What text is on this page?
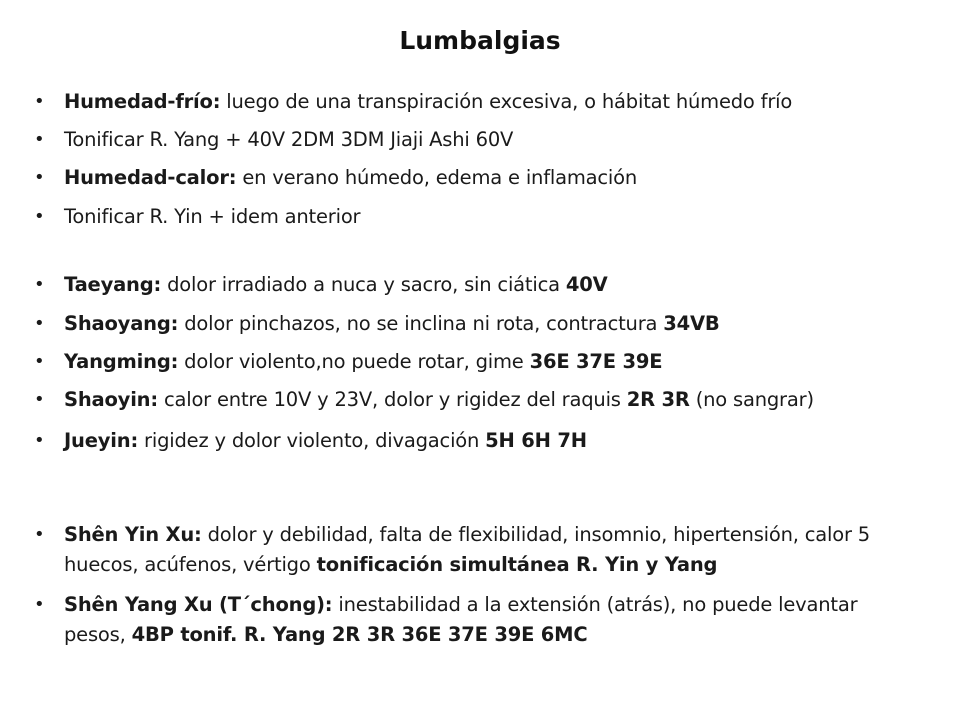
Lumbalgias
• Humedad-frío: luego de una transpiración excesiva, o hábitat húmedo frío
• Tonificar R. Yang + 40V 2DM 3DM Jiaji Ashi 60V
• Humedad-calor: en verano húmedo, edema e inflamación
• Tonificar R. Yin + idem anterior
• Taeyang: dolor irradiado a nuca y sacro, sin ciática 40V
• Shaoyang: dolor pinchazos, no se inclina ni rota, contractura 34VB
• Yangming: dolor violento,no puede rotar, gime 36E 37E 39E
• Shaoyin: calor entre 10V y 23V, dolor y rigidez del raquis 2R 3R (no sangrar)
• Jueyin: rigidez y dolor violento, divagación 5H 6H 7H
• Shên Yin Xu: dolor y debilidad, falta de flexibilidad, insomnio, hipertensión, calor 5 huecos, acúfenos, vértigo tonificación simultánea R. Yin y Yang
• Shên Yang Xu (T´chong): inestabilidad a la extensión (atrás), no puede levantar pesos, 4BP tonif. R. Yang 2R 3R 36E 37E 39E 6MC
